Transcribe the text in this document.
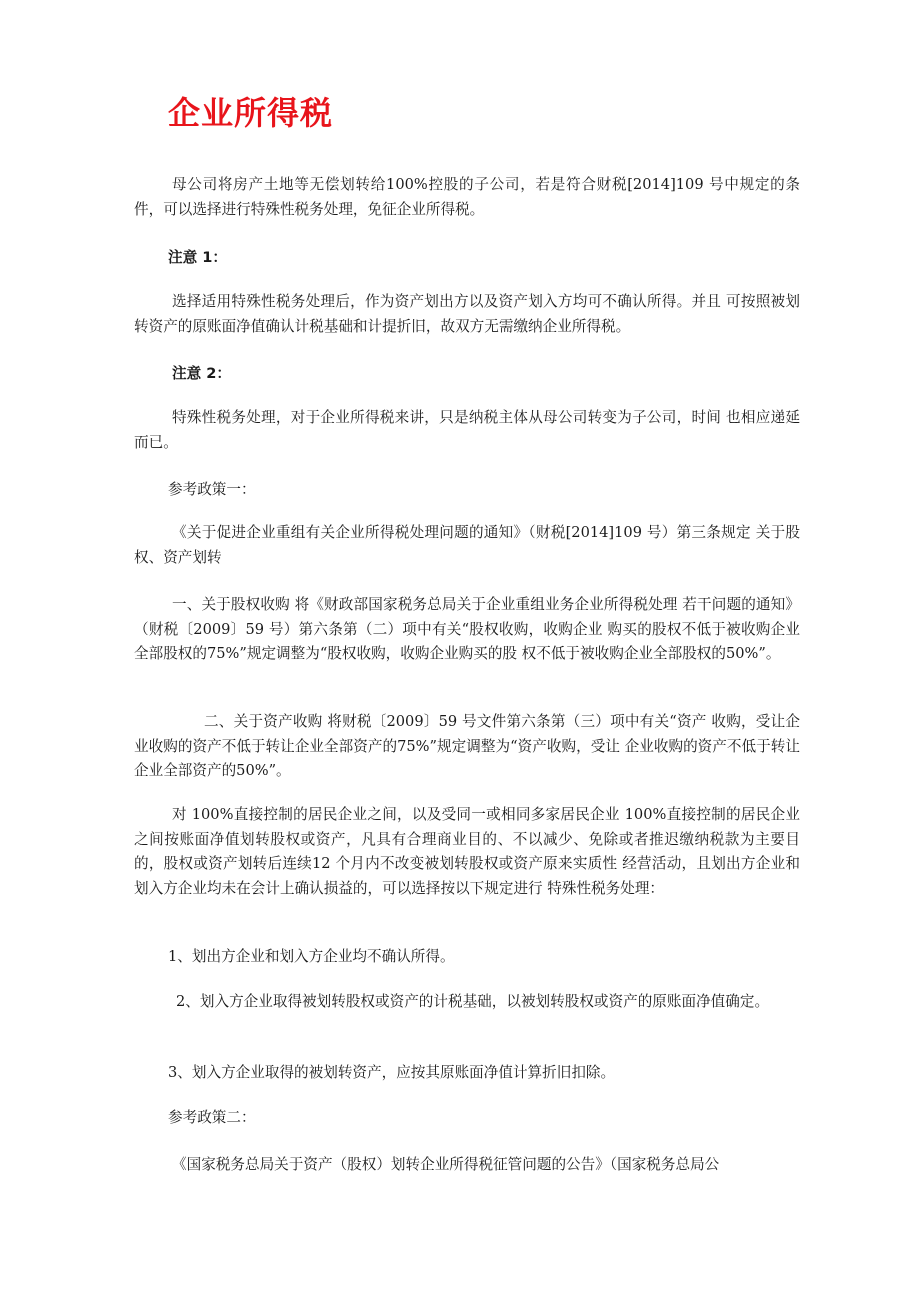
企业所得税

母公司将房产土地等无偿划转给100%控股的子公司，若是符合财税[2014]109 号中规定的条件，可以选择进行特殊性税务处理，免征企业所得税。

注意 1：

选择适用特殊性税务处理后，作为资产划出方以及资产划入方均可不确认所得。并且 可按照被划转资产的原账面净值确认计税基础和计提折旧，故双方无需缴纳企业所得税。

注意 2：

特殊性税务处理，对于企业所得税来讲，只是纳税主体从母公司转变为子公司，时间 也相应递延而已。

参考政策一：

《关于促进企业重组有关企业所得税处理问题的通知》（财税[2014]109 号）第三条规定 关于股权、资产划转

一、关于股权收购 将《财政部国家税务总局关于企业重组业务企业所得税处理 若干问题的通知》（财税〔2009〕59 号）第六条第（二）项中有关“股权收购，收购企业 购买的股权不低于被收购企业全部股权的75%”规定调整为“股权收购，收购企业购买的股 权不低于被收购企业全部股权的50%”。

二、关于资产收购 将财税〔2009〕59 号文件第六条第（三）项中有关“资产 收购，受让企业收购的资产不低于转让企业全部资产的75%”规定调整为“资产收购，受让 企业收购的资产不低于转让企业全部资产的50%”。

对 100%直接控制的居民企业之间，以及受同一或相同多家居民企业 100%直接控制的居民企业之间按账面净值划转股权或资产，凡具有合理商业目的、不以减少、免除或者推迟缴纳税款为主要目的，股权或资产划转后连续12 个月内不改变被划转股权或资产原来实质性 经营活动，且划出方企业和划入方企业均未在会计上确认损益的，可以选择按以下规定进行 特殊性税务处理：

1、划出方企业和划入方企业均不确认所得。

2、划入方企业取得被划转股权或资产的计税基础，以被划转股权或资产的原账面净值确定。

3、划入方企业取得的被划转资产，应按其原账面净值计算折旧扣除。

参考政策二：

《国家税务总局关于资产（股权）划转企业所得税征管问题的公告》（国家税务总局公
